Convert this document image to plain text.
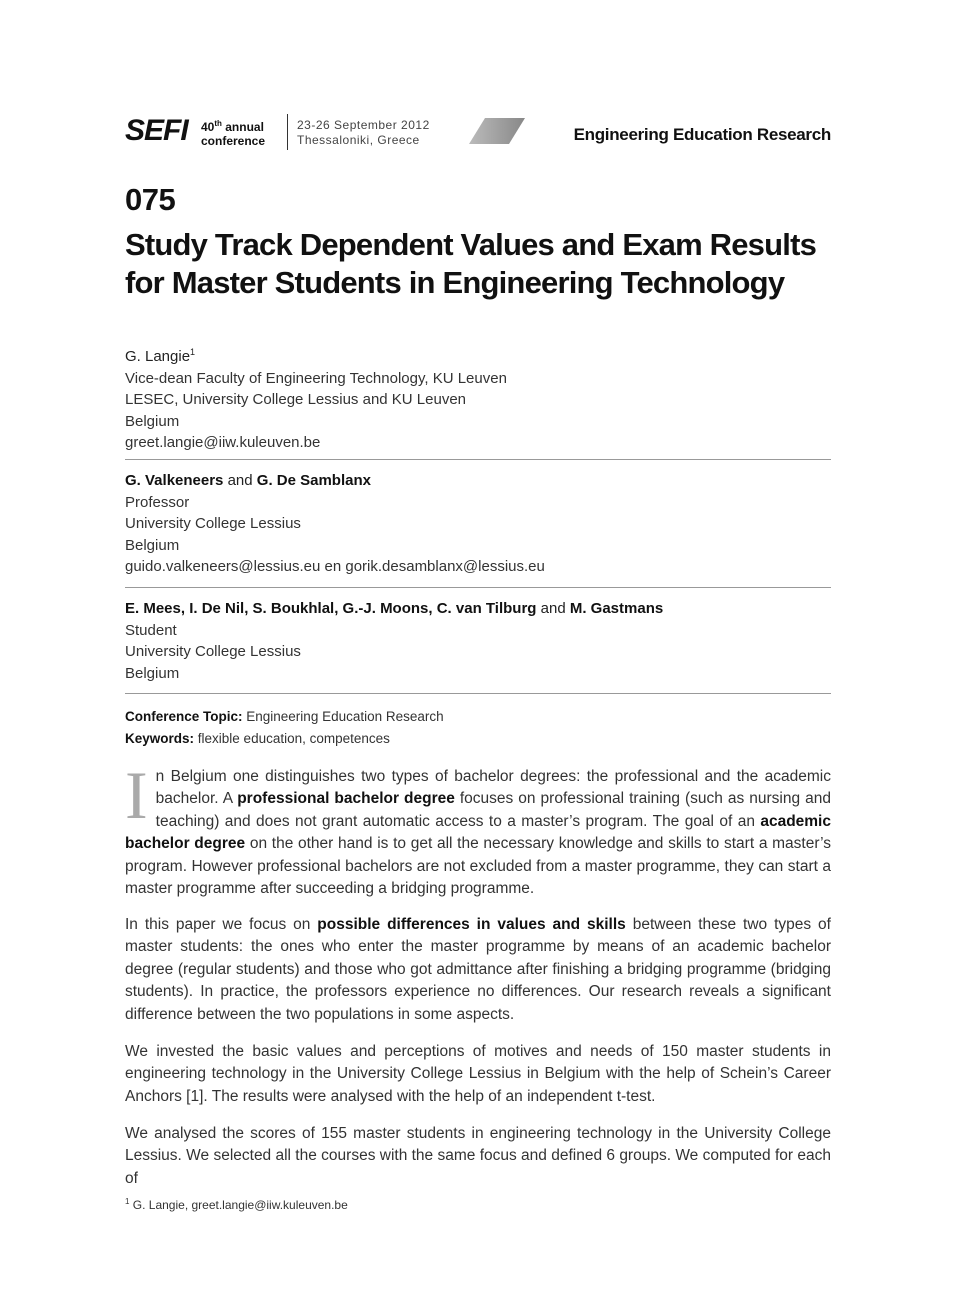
SEFI 40th annual
conference
23-26 September 2012
Thessaloniki, Greece	Engineering Education Research
075
Study Track Dependent Values and Exam Results
for Master Students in Engineering Technology
G. Langie$^1$
Vice-dean Faculty of Engineering Technology, KU Leuven
LESEC, University College Lessius and KU Leuven
Belgium
greet.langie@iiw.kuleuven.be
G. Valkeneers and G. De Samblanx
Professor
University College Lessius
Belgium
guido.valkeneers@lessius.eu en gorik.desamblanx@lessius.eu
E. Mees, I. De Nil, S. Boukhlal, G.-J. Moons, C. van Tilburg and M. Gastmans
Student
University College Lessius
Belgium
Conference Topic: Engineering Education Research
Keywords: flexible education, competences
In Belgium one distinguishes two types of bachelor degrees: the professional and the academic bachelor. A professional bachelor degree focuses on professional training (such as nursing and teaching) and does not grant automatic access to a master’s program. The goal of an academic bachelor degree on the other hand is to get all the necessary knowledge and skills to start a master’s program. However professional bachelors are not excluded from a master programme, they can start a master programme after succeeding a bridging programme.
In this paper we focus on possible differences in values and skills between these two types of master students: the ones who enter the master programme by means of an academic bachelor degree (regular students) and those who got admittance after finishing a bridging programme (bridging students). In practice, the professors experience no differences. Our research reveals a significant difference between the two populations in some aspects.
We invested the basic values and perceptions of motives and needs of 150 master students in engineering technology in the University College Lessius in Belgium with the help of Schein’s Career Anchors [1]. The results were analysed with the help of an independent t-test.
We analysed the scores of 155 master students in engineering technology in the University College Lessius. We selected all the courses with the same focus and defined 6 groups. We computed for each of
$^1$ G. Langie, greet.langie@iiw.kuleuven.be
